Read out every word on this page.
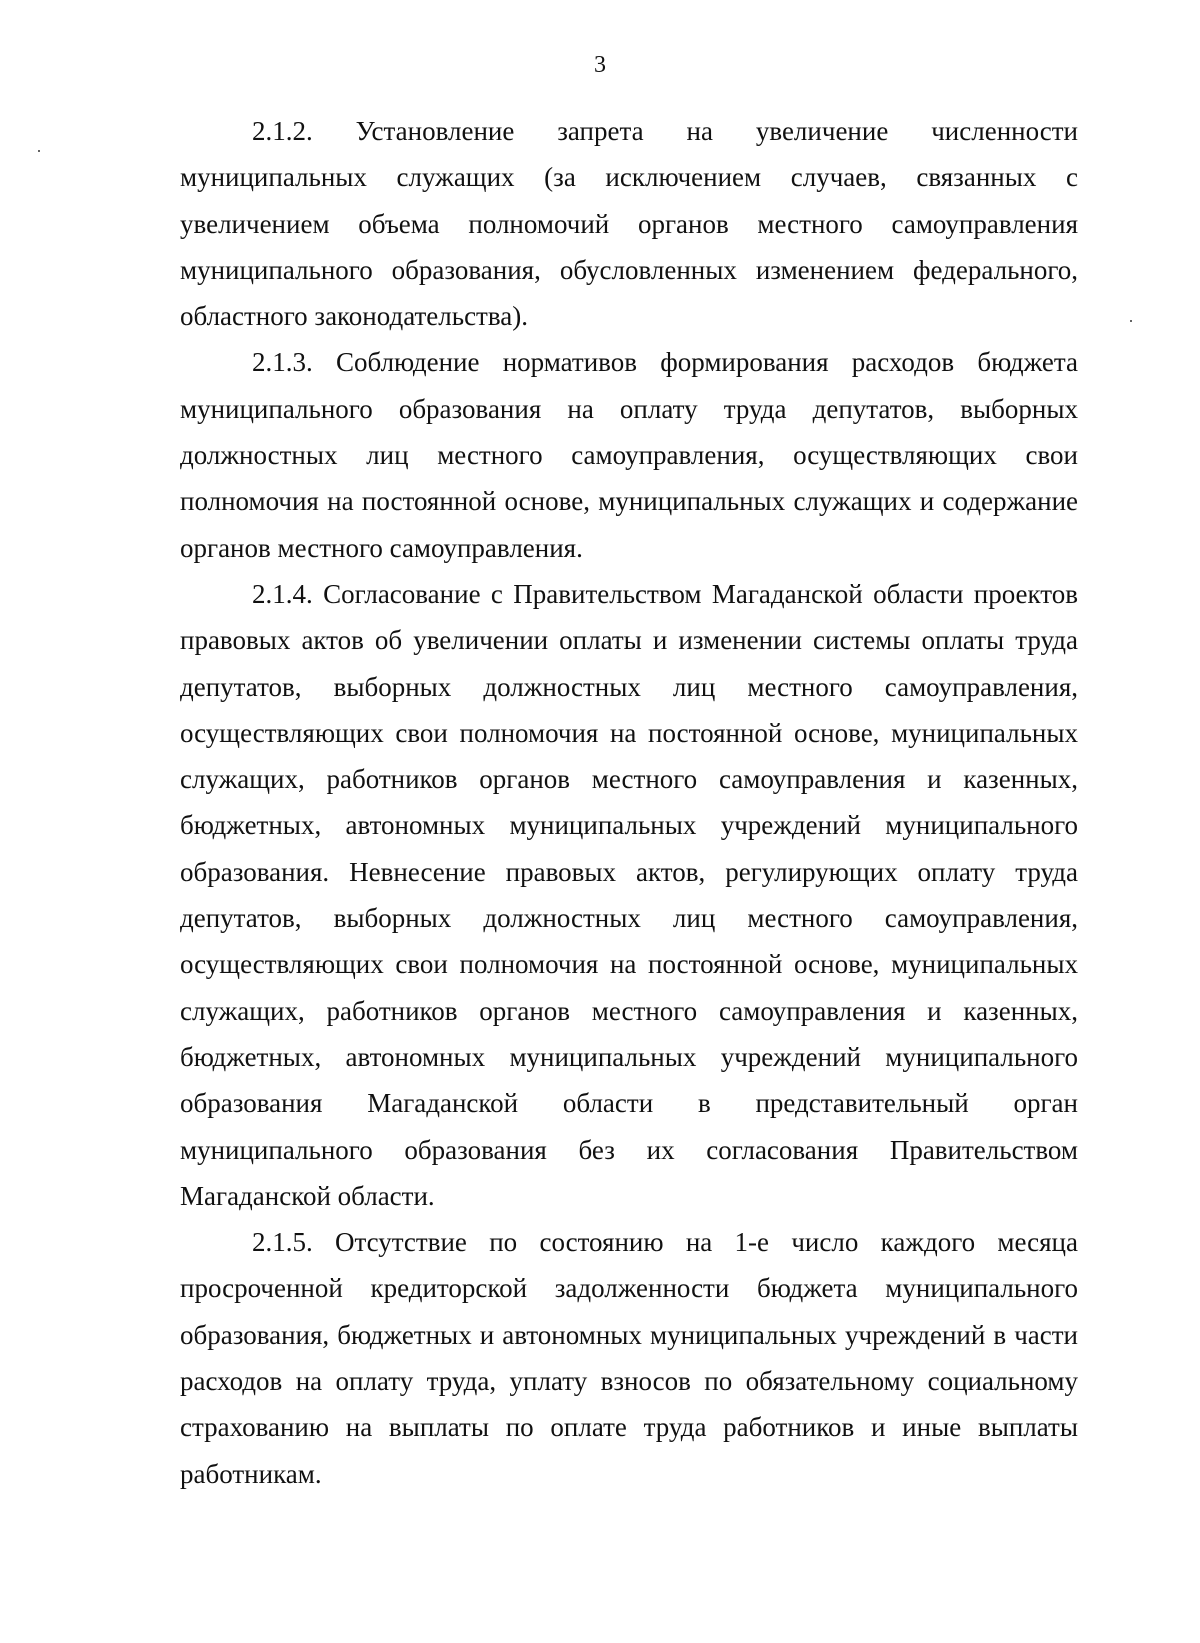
3

2.1.2. Установление запрета на увеличение численности муниципальных служащих (за исключением случаев, связанных с увеличением объема полномочий органов местного самоуправления муниципального образования, обусловленных изменением федерального, областного законодательства).

2.1.3. Соблюдение нормативов формирования расходов бюджета муниципального образования на оплату труда депутатов, выборных должностных лиц местного самоуправления, осуществляющих свои полномочия на постоянной основе, муниципальных служащих и содержание органов местного самоуправления.

2.1.4. Согласование с Правительством Магаданской области проектов правовых актов об увеличении оплаты и изменении системы оплаты труда депутатов, выборных должностных лиц местного самоуправления, осуществляющих свои полномочия на постоянной основе, муниципальных служащих, работников органов местного самоуправления и казенных, бюджетных, автономных муниципальных учреждений муниципального образования. Невнесение правовых актов, регулирующих оплату труда депутатов, выборных должностных лиц местного самоуправления, осуществляющих свои полномочия на постоянной основе, муниципальных служащих, работников органов местного самоуправления и казенных, бюджетных, автономных муниципальных учреждений муниципального образования Магаданской области в представительный орган муниципального образования без их согласования Правительством Магаданской области.

2.1.5. Отсутствие по состоянию на 1-е число каждого месяца просроченной кредиторской задолженности бюджета муниципального образования, бюджетных и автономных муниципальных учреждений в части расходов на оплату труда, уплату взносов по обязательному социальному страхованию на выплаты по оплате труда работников и иные выплаты работникам.
